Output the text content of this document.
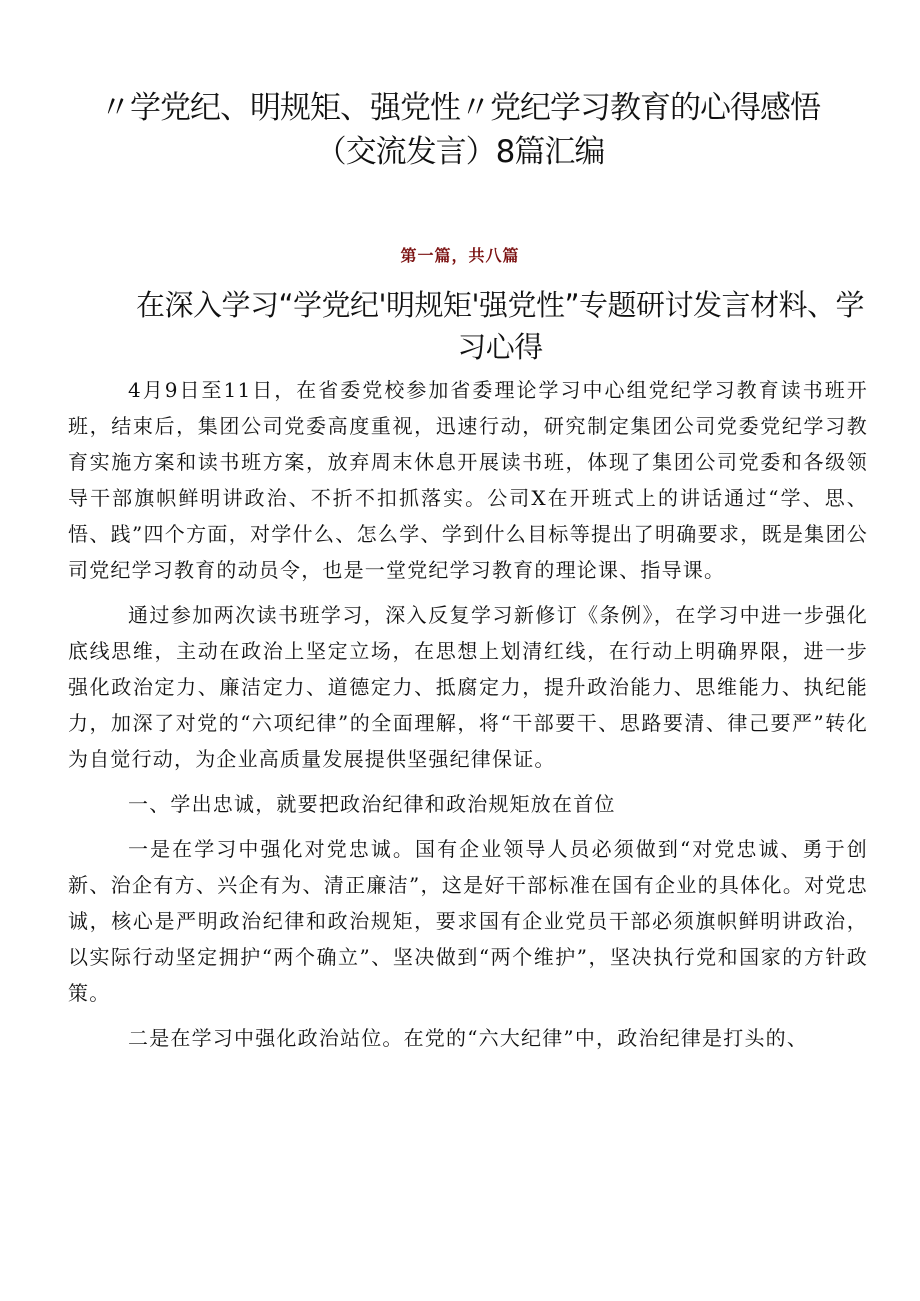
〃学党纪、明规矩、强党性〃党纪学习教育的心得感悟
（交流发言）8篇汇编
第一篇，共八篇
在深入学习“学党纪'明规矩'强党性”专题研讨发言材料、学
习心得

4月9日至11日，在省委党校参加省委理论学习中心组党纪学习教育读书班开班，结束后，集团公司党委高度重视，迅速行动，研究制定集团公司党委党纪学习教育实施方案和读书班方案，放弃周末休息开展读书班，体现了集团公司党委和各级领导干部旗帜鲜明讲政治、不折不扣抓落实。公司X在开班式上的讲话通过“学、思、悟、践”四个方面，对学什么、怎么学、学到什么目标等提出了明确要求，既是集团公司党纪学习教育的动员令，也是一堂党纪学习教育的理论课、指导课。

通过参加两次读书班学习，深入反复学习新修订《条例》，在学习中进一步强化底线思维，主动在政治上坚定立场，在思想上划清红线，在行动上明确界限，进一步强化政治定力、廉洁定力、道德定力、抵腐定力，提升政治能力、思维能力、执纪能力，加深了对党的“六项纪律”的全面理解，将“干部要干、思路要清、律己要严”转化为自觉行动，为企业高质量发展提供坚强纪律保证。

一、学出忠诚，就要把政治纪律和政治规矩放在首位

一是在学习中强化对党忠诚。国有企业领导人员必须做到“对党忠诚、勇于创新、治企有方、兴企有为、清正廉洁”，这是好干部标准在国有企业的具体化。对党忠诚，核心是严明政治纪律和政治规矩，要求国有企业党员干部必须旗帜鲜明讲政治，以实际行动坚定拥护“两个确立”、坚决做到“两个维护”，坚决执行党和国家的方针政策。

二是在学习中强化政治站位。在党的“六大纪律”中，政治纪律是打头的、
